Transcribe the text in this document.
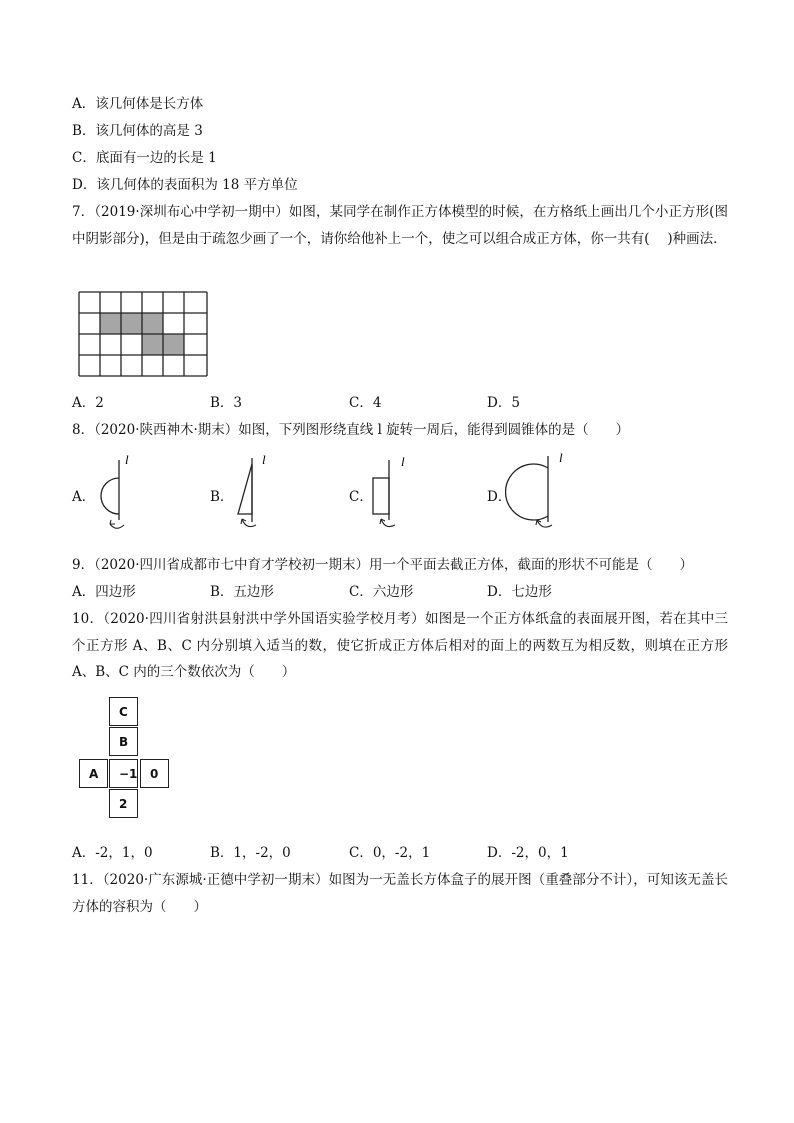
A．该几何体是长方体
B．该几何体的高是 3
C．底面有一边的长是 1
D．该几何体的表面积为 18 平方单位
7．（2019·深圳布心中学初一期中）如图，某同学在制作正方体模型的时候，在方格纸上画出几个小正方形(图中阴影部分)，但是由于疏忽少画了一个，请你给他补上一个，使之可以组合成正方体，你一共有(　 )种画法．
A．2	B．3	C．4	D．5
8．（2020·陕西神木·期末）如图，下列图形绕直线 l 旋转一周后，能得到圆锥体的是（　　）
A．
l
B．
l
C．
l
D．
l
9．（2020·四川省成都市七中育才学校初一期末）用一个平面去截正方体，截面的形状不可能是（　　）
A．四边形	B．五边形	C．六边形	D．七边形
10．（2020·四川省射洪县射洪中学外国语实验学校月考）如图是一个正方体纸盒的表面展开图，若在其中三个正方形 A、B、C 内分别填入适当的数，使它折成正方体后相对的面上的两数互为相反数，则填在正方形 A、B、C 内的三个数依次为（　　）
C
B
A	−1	0
2
A．-2，1，0	B．1，-2，0	C．0，-2，1	D．-2，0，1
11．（2020·广东源城·正德中学初一期末）如图为一无盖长方体盒子的展开图（重叠部分不计），可知该无盖长方体的容积为（　　）
